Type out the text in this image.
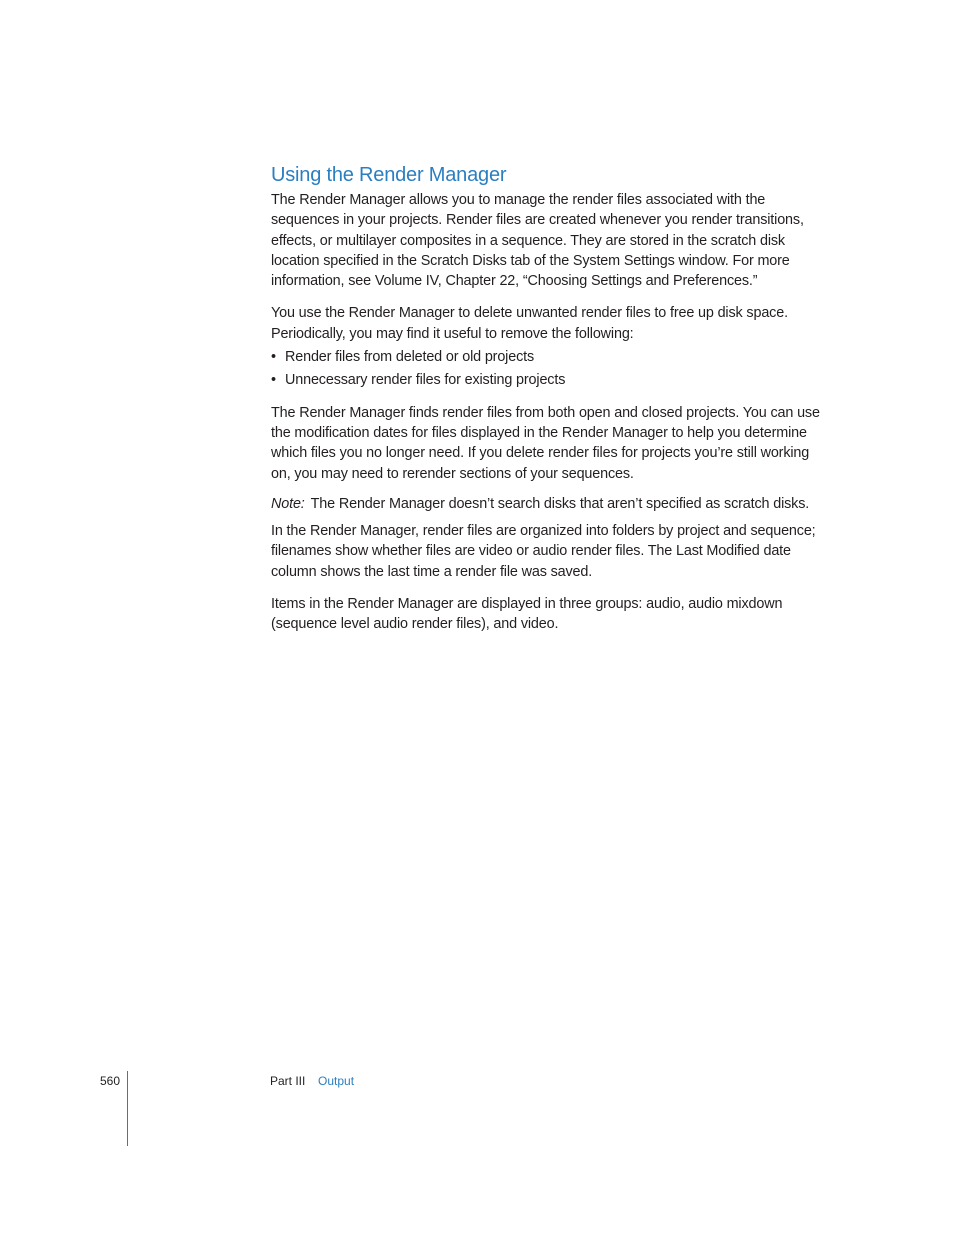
Using the Render Manager

The Render Manager allows you to manage the render files associated with the sequences in your projects. Render files are created whenever you render transitions, effects, or multilayer composites in a sequence. They are stored in the scratch disk location specified in the Scratch Disks tab of the System Settings window. For more information, see Volume IV, Chapter 22, “Choosing Settings and Preferences.”

You use the Render Manager to delete unwanted render files to free up disk space. Periodically, you may find it useful to remove the following:

• Render files from deleted or old projects
• Unnecessary render files for existing projects

The Render Manager finds render files from both open and closed projects. You can use the modification dates for files displayed in the Render Manager to help you determine which files you no longer need. If you delete render files for projects you’re still working on, you may need to rerender sections of your sequences.

Note: The Render Manager doesn’t search disks that aren’t specified as scratch disks.

In the Render Manager, render files are organized into folders by project and sequence; filenames show whether files are video or audio render files. The Last Modified date column shows the last time a render file was saved.

Items in the Render Manager are displayed in three groups: audio, audio mixdown (sequence level audio render files), and video.

560	Part III Output
